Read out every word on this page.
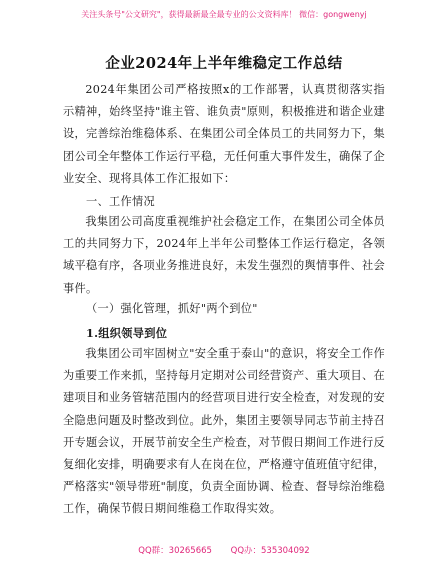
关注头条号"公文研究"，获得最新最全最专业的公文资料库！ 微信：gongwenyj
企业2024年上半年维稳定工作总结

2024年集团公司严格按照x的工作部署，认真贯彻落实指示精神，始终坚持"谁主管、谁负责"原则，积极推进和谐企业建设，完善综治维稳体系、在集团公司全体员工的共同努力下，集团公司全年整体工作运行平稳，无任何重大事件发生，确保了企业安全、现将具体工作汇报如下：

一、工作情况

我集团公司高度重视维护社会稳定工作，在集团公司全体员工的共同努力下，2024年上半年公司整体工作运行稳定，各领域平稳有序，各项业务推进良好，未发生强烈的舆情事件、社会事件。

（一）强化管理，抓好"两个到位"
1.组织领导到位

我集团公司牢固树立"安全重于泰山"的意识，将安全工作作为重要工作来抓，坚持每月定期对公司经营资产、重大项目、在建项目和业务管辖范围内的经营项目进行安全检查，对发现的安全隐患问题及时整改到位。此外，集团主要领导同志节前主持召开专题会议，开展节前安全生产检查，对节假日期间工作进行反复细化安排，明确要求有人在岗在位，严格遵守值班值守纪律，严格落实"领导带班"制度，负责全面协调、检查、督导综治维稳工作，确保节假日期间维稳工作取得实效。

QQ群：30265665 QQ办：535304092
